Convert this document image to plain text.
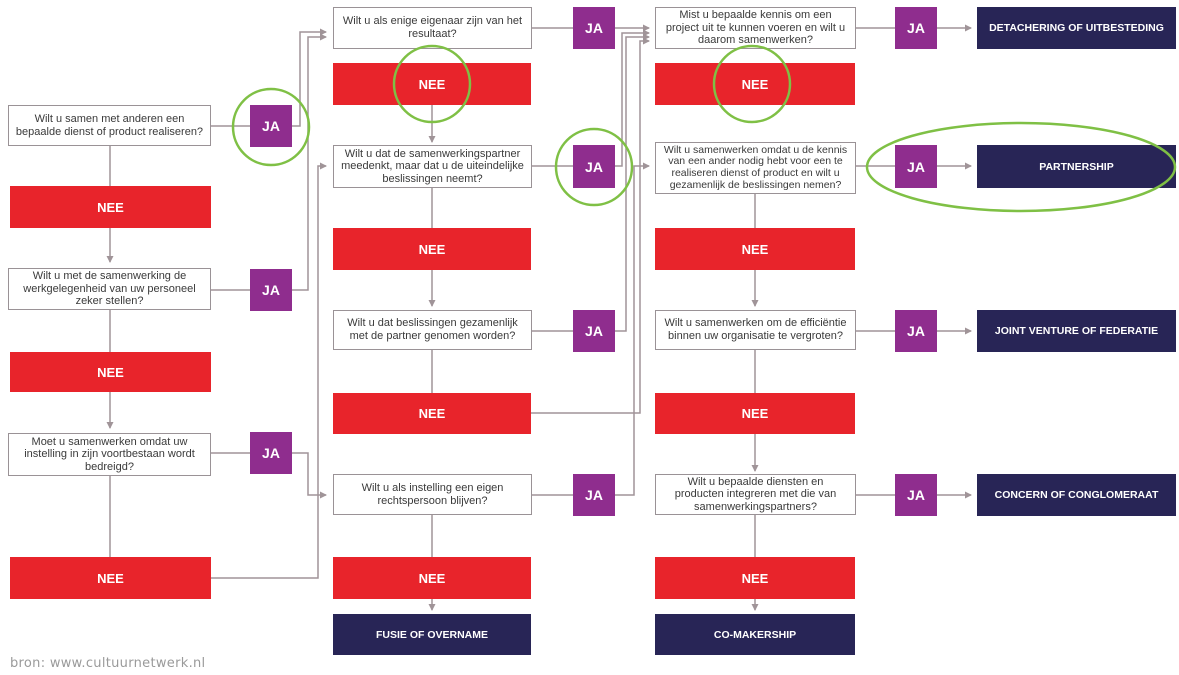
Wilt u samen met anderen een bepaalde dienst of product realiseren?
NEE
Wilt u met de samenwerking de werkgelegenheid van uw personeel zeker stellen?
NEE
Moet u samenwerken omdat uw instelling in zijn voortbestaan wordt bedreigd?
NEE
JA
JA
JA
Wilt u als enige eigenaar zijn van het resultaat?
NEE
Wilt u dat de samenwerkingspartner meedenkt, maar dat u de uiteindelijke beslissingen neemt?
NEE
Wilt u dat beslissingen gezamenlijk met de partner genomen worden?
NEE
Wilt u als instelling een eigen rechtspersoon blijven?
NEE
FUSIE OF OVERNAME
JA
JA
JA
JA
Mist u bepaalde kennis om een project uit te kunnen voeren en wilt u daarom samenwerken?
NEE
Wilt u samenwerken omdat u de kennis van een ander nodig hebt voor een te realiseren dienst of product en wilt u gezamenlijk de beslissingen nemen?
NEE
Wilt u samenwerken om de efficiëntie binnen uw organisatie te vergroten?
NEE
Wilt u bepaalde diensten en producten integreren met die van samenwerkingspartners?
NEE
CO-MAKERSHIP
JA
JA
JA
JA
DETACHERING OF UITBESTEDING
PARTNERSHIP
JOINT VENTURE OF FEDERATIE
CONCERN OF CONGLOMERAAT
bron: www.cultuurnetwerk.nl
